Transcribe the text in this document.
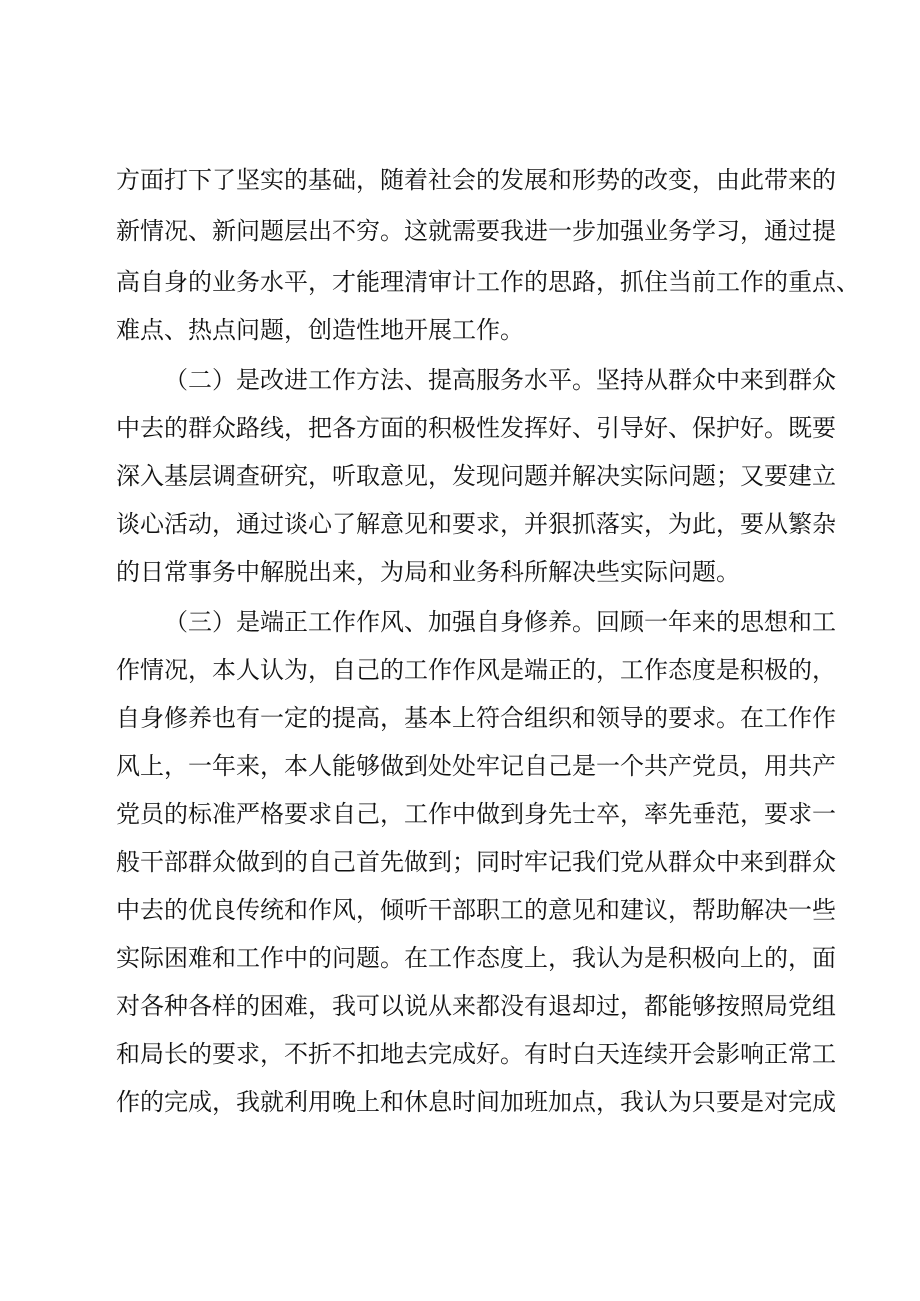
方面打下了坚实的基础，随着社会的发展和形势的改变，由此带来的

新情况、新问题层出不穷。这就需要我进一步加强业务学习，通过提

高自身的业务水平，才能理清审计工作的思路，抓住当前工作的重点、

难点、热点问题，创造性地开展工作。

（二）是改进工作方法、提高服务水平。坚持从群众中来到群众

中去的群众路线，把各方面的积极性发挥好、引导好、保护好。既要

深入基层调查研究，听取意见，发现问题并解决实际问题；又要建立

谈心活动，通过谈心了解意见和要求，并狠抓落实，为此，要从繁杂

的日常事务中解脱出来，为局和业务科所解决些实际问题。

（三）是端正工作作风、加强自身修养。回顾一年来的思想和工

作情况，本人认为，自己的工作作风是端正的，工作态度是积极的，

自身修养也有一定的提高，基本上符合组织和领导的要求。在工作作

风上，一年来，本人能够做到处处牢记自己是一个共产党员，用共产

党员的标准严格要求自己，工作中做到身先士卒，率先垂范，要求一

般干部群众做到的自己首先做到；同时牢记我们党从群众中来到群众

中去的优良传统和作风，倾听干部职工的意见和建议，帮助解决一些

实际困难和工作中的问题。在工作态度上，我认为是积极向上的，面

对各种各样的困难，我可以说从来都没有退却过，都能够按照局党组

和局长的要求，不折不扣地去完成好。有时白天连续开会影响正常工

作的完成，我就利用晚上和休息时间加班加点，我认为只要是对完成
